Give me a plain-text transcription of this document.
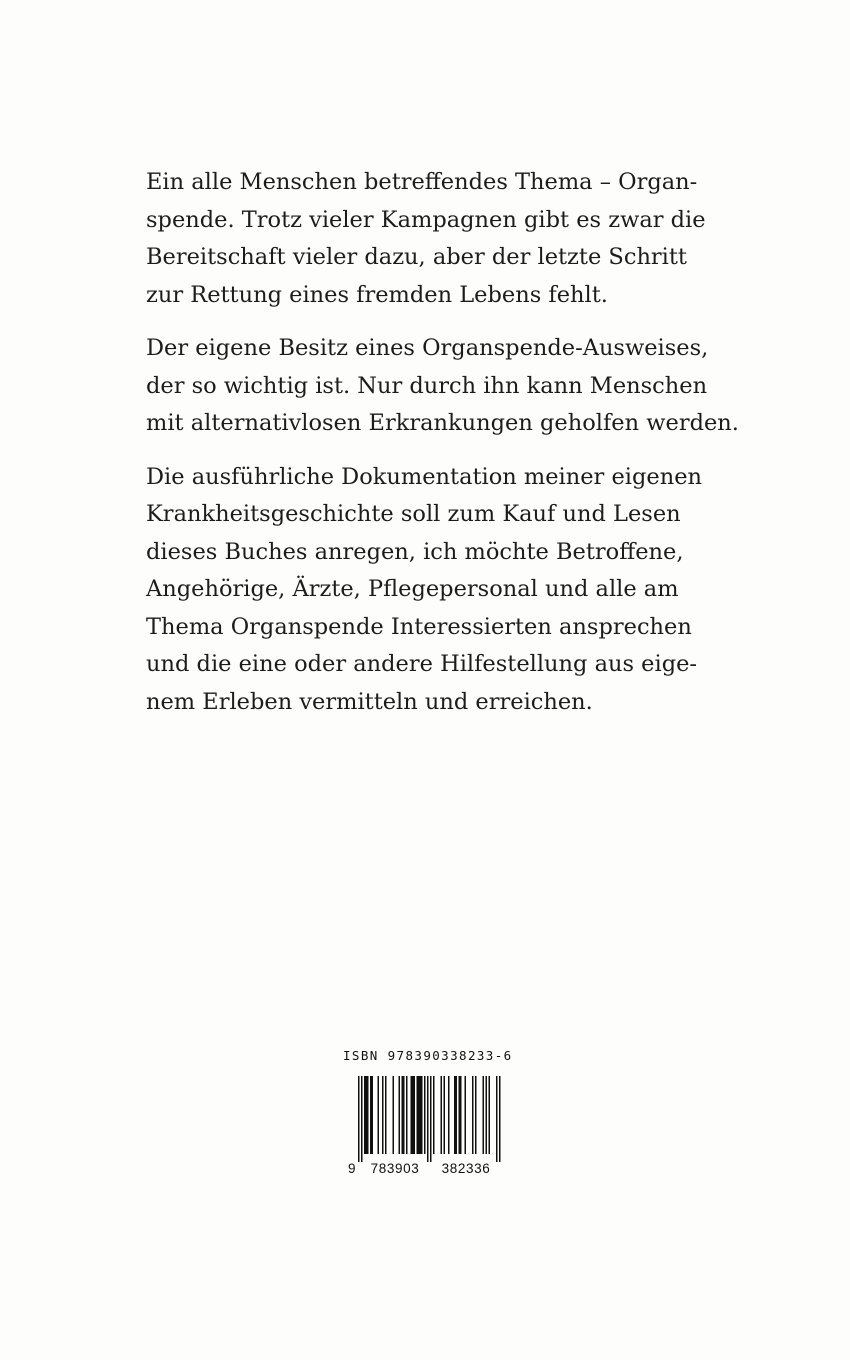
Ein alle Menschen betreffendes Thema – Organ-
spende. Trotz vieler Kampagnen gibt es zwar die
Bereitschaft vieler dazu, aber der letzte Schritt
zur Rettung eines fremden Lebens fehlt.

Der eigene Besitz eines Organspende-Ausweises,
der so wichtig ist. Nur durch ihn kann Menschen
mit alternativlosen Erkrankungen geholfen werden.

Die ausführliche Dokumentation meiner eigenen
Krankheitsgeschichte soll zum Kauf und Lesen
dieses Buches anregen, ich möchte Betroffene,
Angehörige, Ärzte, Pflegepersonal und alle am
Thema Organspende Interessierten ansprechen
und die eine oder andere Hilfestellung aus eige-
nem Erleben vermitteln und erreichen.

ISBN 978390338233-6
9 783903 382336
